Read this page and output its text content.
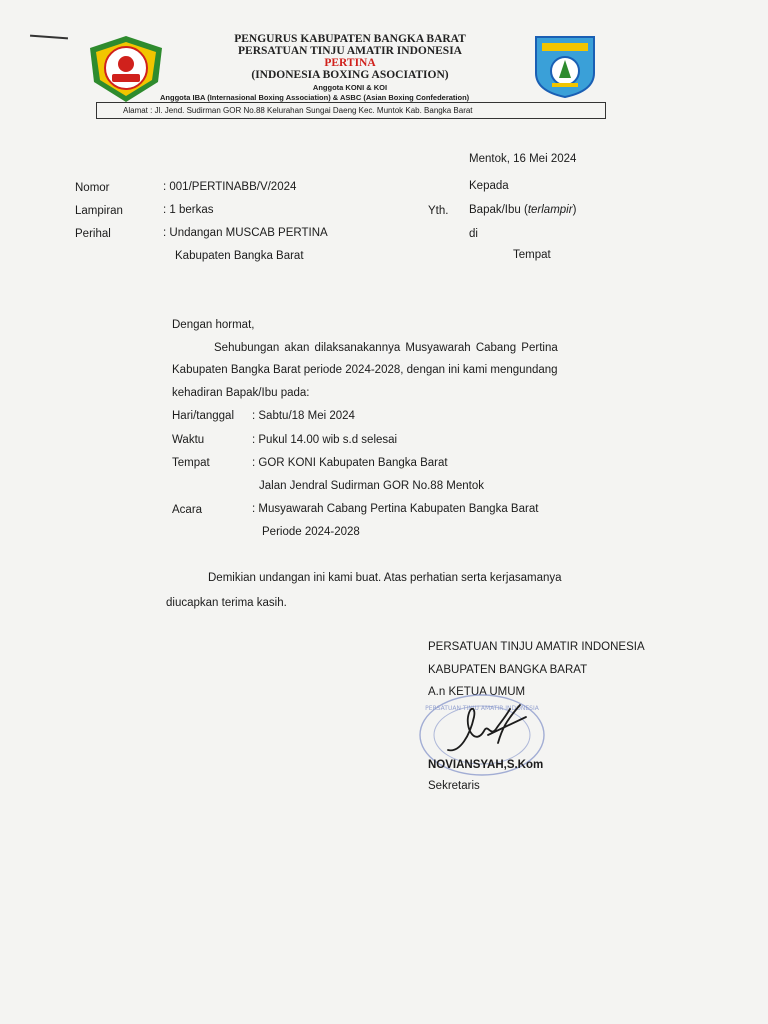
PENGURUS KABUPATEN BANGKA BARAT
PERSATUAN TINJU AMATIR INDONESIA
PERTINA
(INDONESIA BOXING ASOCIATION)
Anggota KONI & KOI
Anggota IBA (Internasional Boxing Association) & ASBC (Asian Boxing Confederation)
Alamat : Jl. Jend. Sudirman GOR No.88 Kelurahan Sungai Daeng Kec. Muntok Kab. Bangka Barat
Mentok, 16 Mei 2024
Kepada
Yth. Bapak/Ibu (terlampir)
di
Tempat
Nomor	: 001/PERTINABB/V/2024
Lampiran	: 1 berkas
Perihal	: Undangan MUSCAB PERTINA
Kabupaten Bangka Barat
Dengan hormat,
Sehubungan akan dilaksanakannya Musyawarah Cabang Pertina
Kabupaten Bangka Barat periode 2024-2028, dengan ini kami mengundang
kehadiran Bapak/Ibu pada:
Hari/tanggal : Sabtu/18 Mei 2024
Waktu	: Pukul 14.00 wib s.d selesai
Tempat	: GOR KONI Kabupaten Bangka Barat
Jalan Jendral Sudirman GOR No.88 Mentok
Acara	: Musyawarah Cabang Pertina Kabupaten Bangka Barat
Periode 2024-2028
Demikian undangan ini kami buat. Atas perhatian serta kerjasamanya
diucapkan terima kasih.
PERSATUAN TINJU AMATIR INDONESIA
KABUPATEN BANGKA BARAT
A.n KETUA UMUM
PERSATUAN TINJU AMATIR INDONESIA
NOVIANSYAH,S.Kom
Sekretaris
